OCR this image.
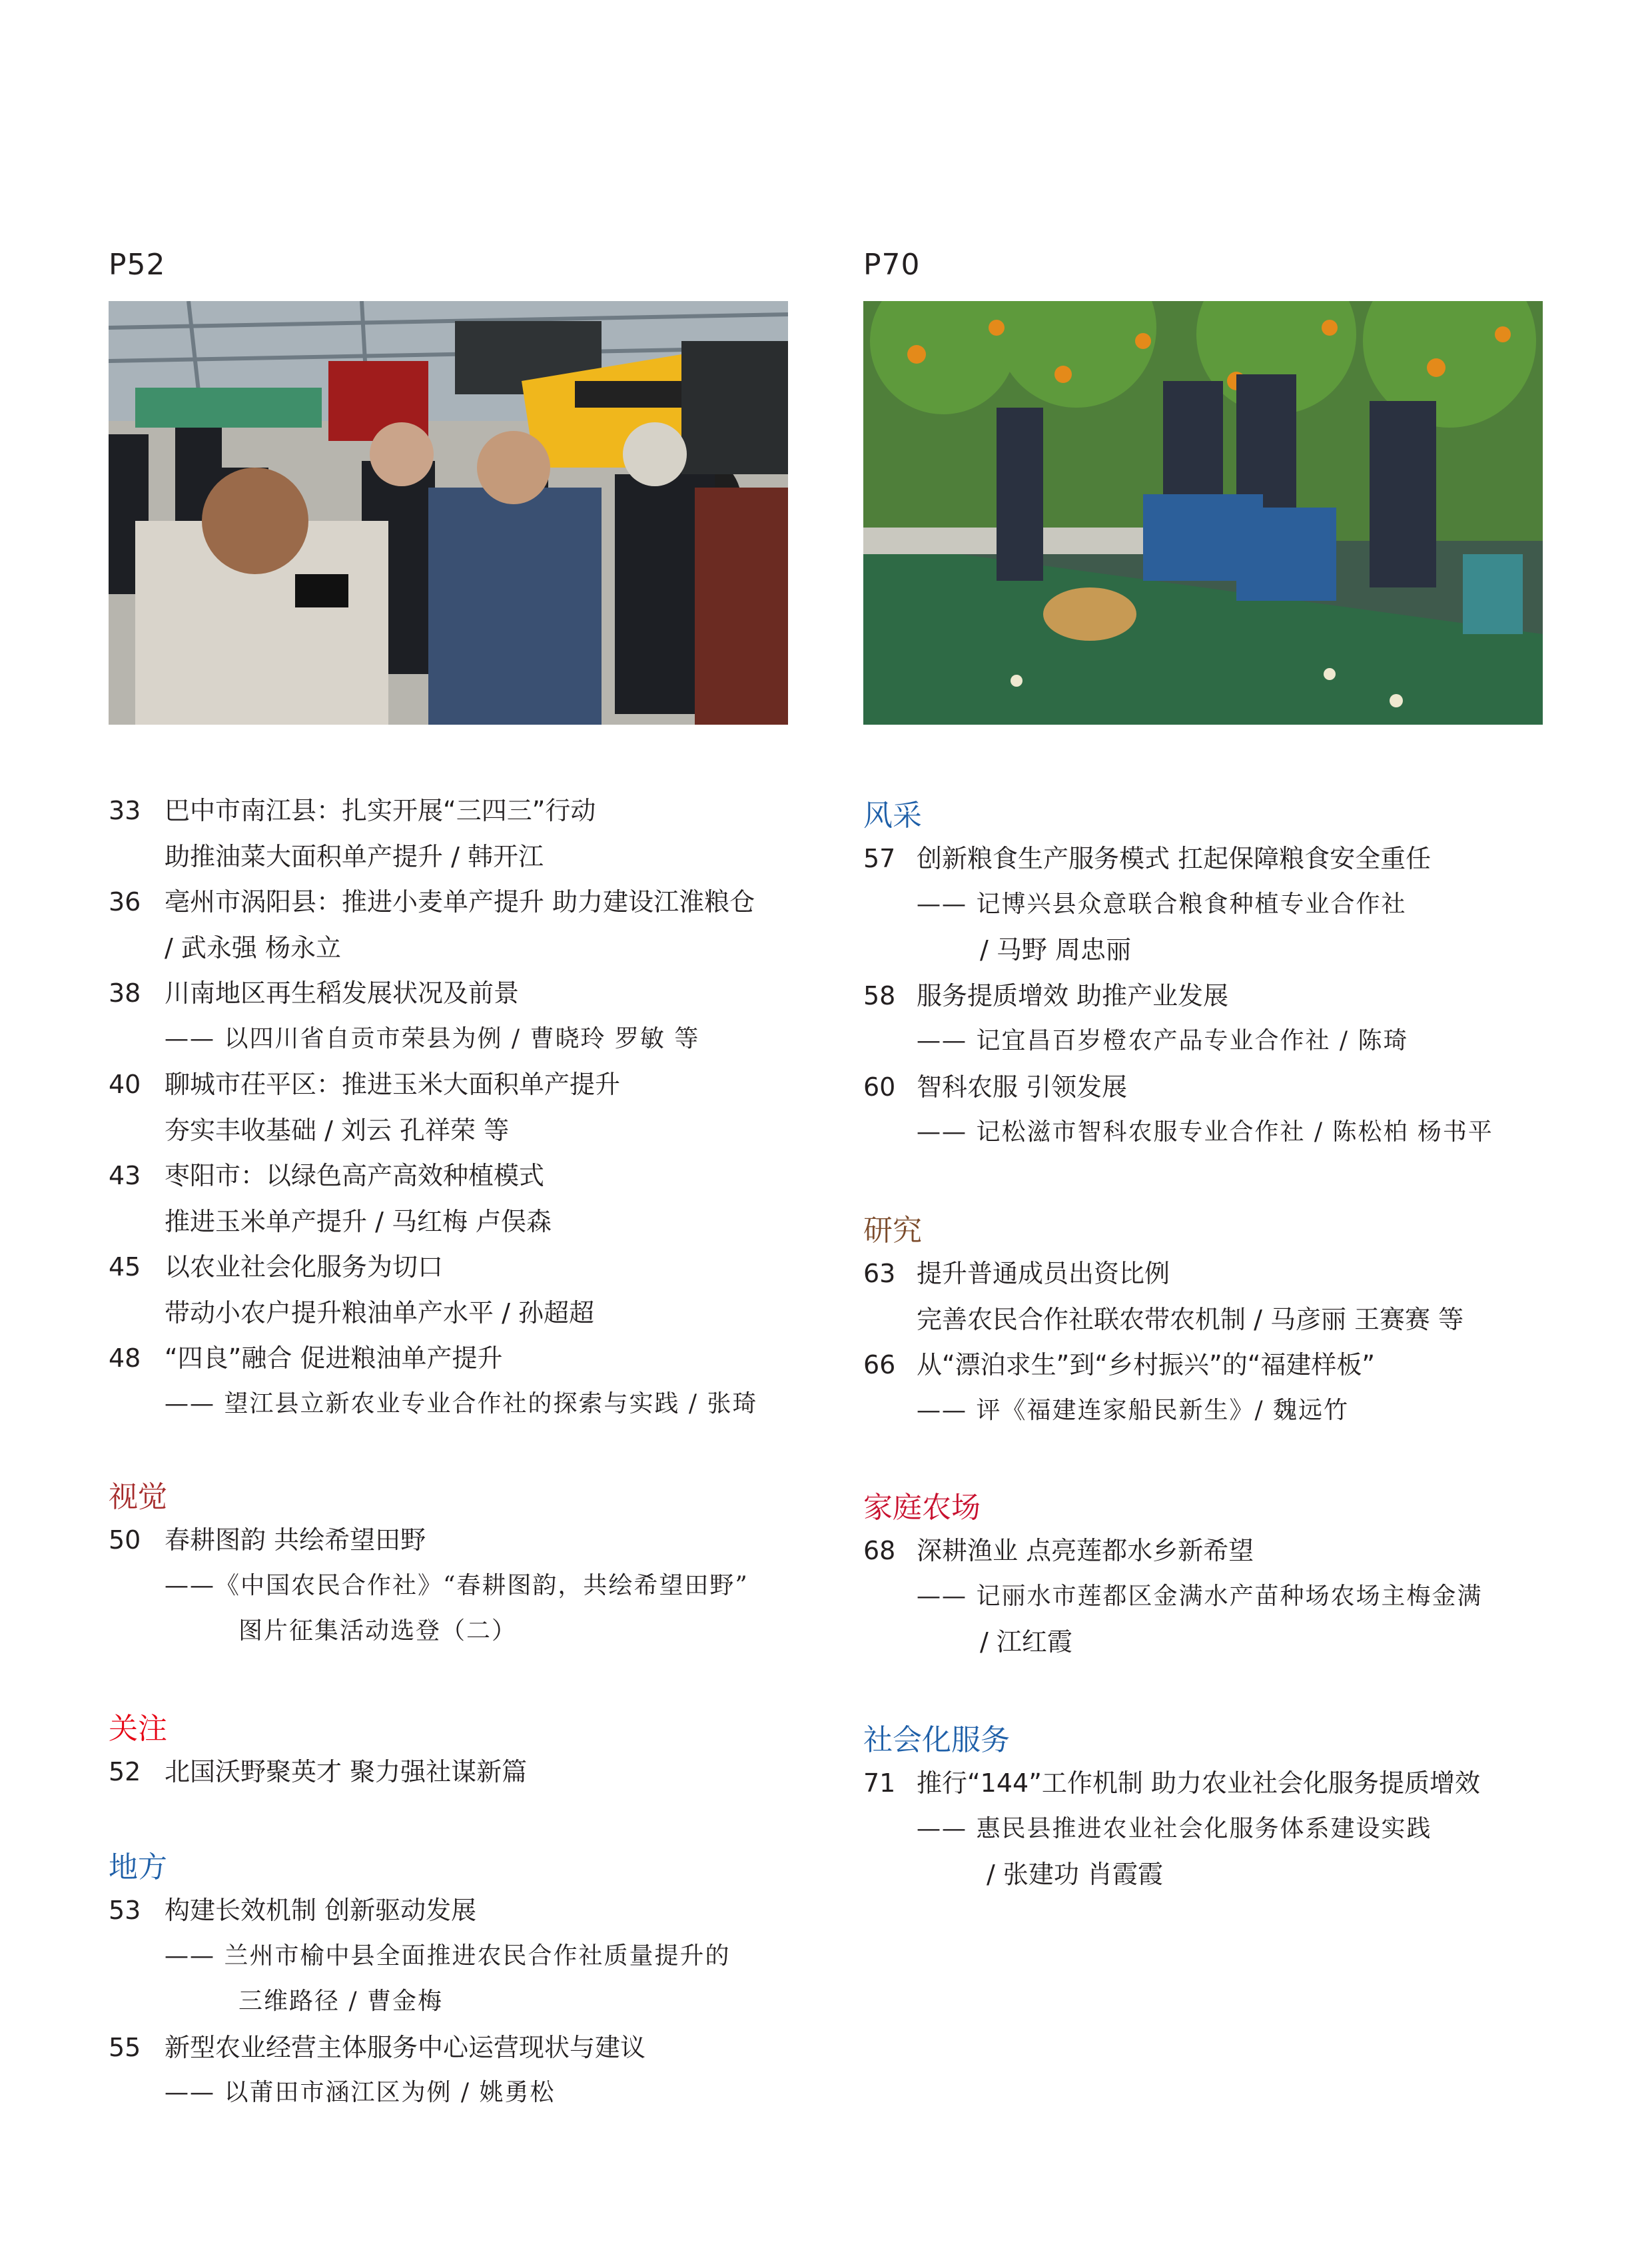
P52
33 巴中市南江县：扎实开展“三四三”行动
助推油菜大面积单产提升 / 韩开江
36 亳州市涡阳县：推进小麦单产提升 助力建设江淮粮仓
/ 武永强 杨永立
38 川南地区再生稻发展状况及前景
—— 以四川省自贡市荣县为例 / 曹晓玲 罗敏 等
40 聊城市茌平区：推进玉米大面积单产提升
夯实丰收基础 / 刘云 孔祥荣 等
43 枣阳市：以绿色高产高效种植模式
推进玉米单产提升 / 马红梅 卢俣森
45 以农业社会化服务为切口
带动小农户提升粮油单产水平 / 孙超超
48 “四良”融合 促进粮油单产提升
—— 望江县立新农业专业合作社的探索与实践 / 张琦
视觉
50 春耕图韵 共绘希望田野
——《中国农民合作社》“春耕图韵，共绘希望田野”
图片征集活动选登（二）
关注
52 北国沃野聚英才 聚力强社谋新篇
地方
53 构建长效机制 创新驱动发展
—— 兰州市榆中县全面推进农民合作社质量提升的
三维路径 / 曹金梅
55 新型农业经营主体服务中心运营现状与建议
—— 以莆田市涵江区为例 / 姚勇松
P70
风采
57 创新粮食生产服务模式 扛起保障粮食安全重任
—— 记博兴县众意联合粮食种植专业合作社
/ 马野 周忠丽
58 服务提质增效 助推产业发展
—— 记宜昌百岁橙农产品专业合作社 / 陈琦
60 智科农服 引领发展
—— 记松滋市智科农服专业合作社 / 陈松柏 杨书平
研究
63 提升普通成员出资比例
完善农民合作社联农带农机制 / 马彦丽 王赛赛 等
66 从“漂泊求生”到“乡村振兴”的“福建样板”
—— 评《福建连家船民新生》/ 魏远竹
家庭农场
68 深耕渔业 点亮莲都水乡新希望
—— 记丽水市莲都区金满水产苗种场农场主梅金满
/ 江红霞
社会化服务
71 推行“144”工作机制 助力农业社会化服务提质增效
—— 惠民县推进农业社会化服务体系建设实践
/ 张建功 肖霞霞
